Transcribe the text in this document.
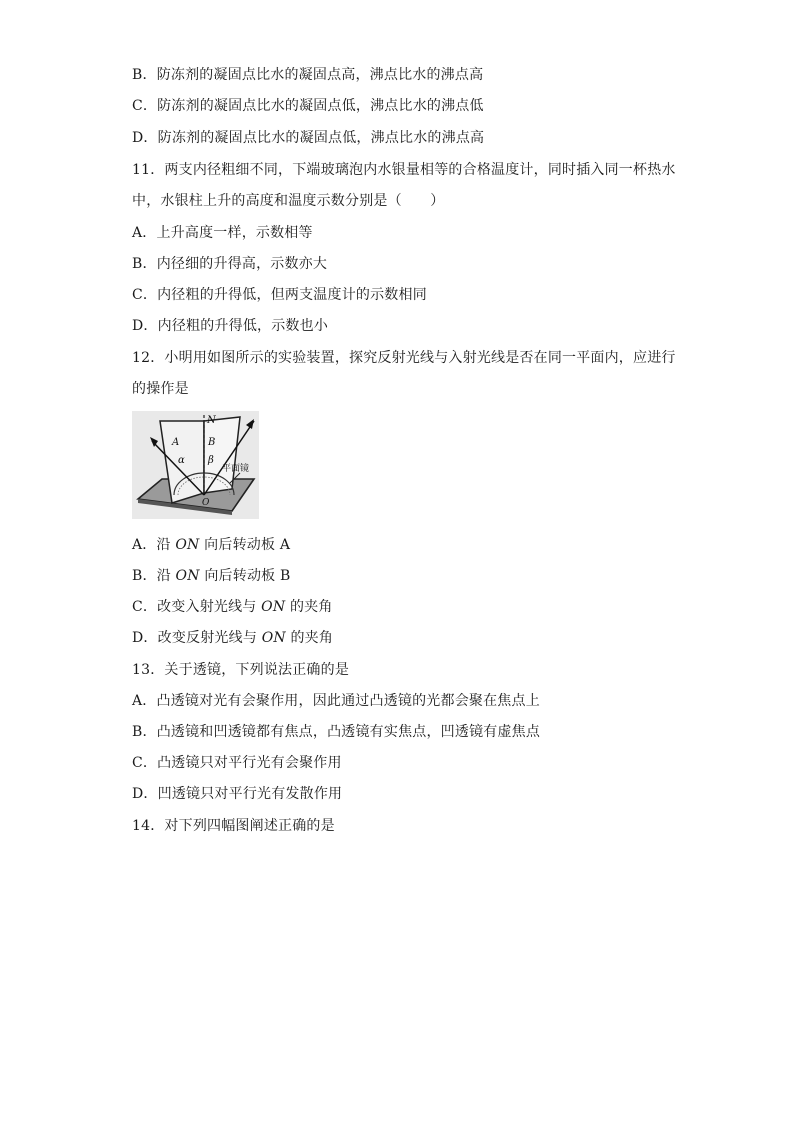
B．防冻剂的凝固点比水的凝固点高，沸点比水的沸点高
C．防冻剂的凝固点比水的凝固点低，沸点比水的沸点低
D．防冻剂的凝固点比水的凝固点低，沸点比水的沸点高
11．两支内径粗细不同，下端玻璃泡内水银量相等的合格温度计，同时插入同一杯热水
中，水银柱上升的高度和温度示数分别是（　　）
A．上升高度一样，示数相等
B．内径细的升得高，示数亦大
C．内径粗的升得低，但两支温度计的示数相同
D．内径粗的升得低，示数也小
12．小明用如图所示的实验装置，探究反射光线与入射光线是否在同一平面内，应进行
的操作是
N
A	B
α β
O
平面镜
A．沿 ON 向后转动板 A
B．沿 ON 向后转动板 B
C．改变入射光线与 ON 的夹角
D．改变反射光线与 ON 的夹角
13．关于透镜，下列说法正确的是
A．凸透镜对光有会聚作用，因此通过凸透镜的光都会聚在焦点上
B．凸透镜和凹透镜都有焦点，凸透镜有实焦点，凹透镜有虚焦点
C．凸透镜只对平行光有会聚作用
D．凹透镜只对平行光有发散作用
14．对下列四幅图阐述正确的是
